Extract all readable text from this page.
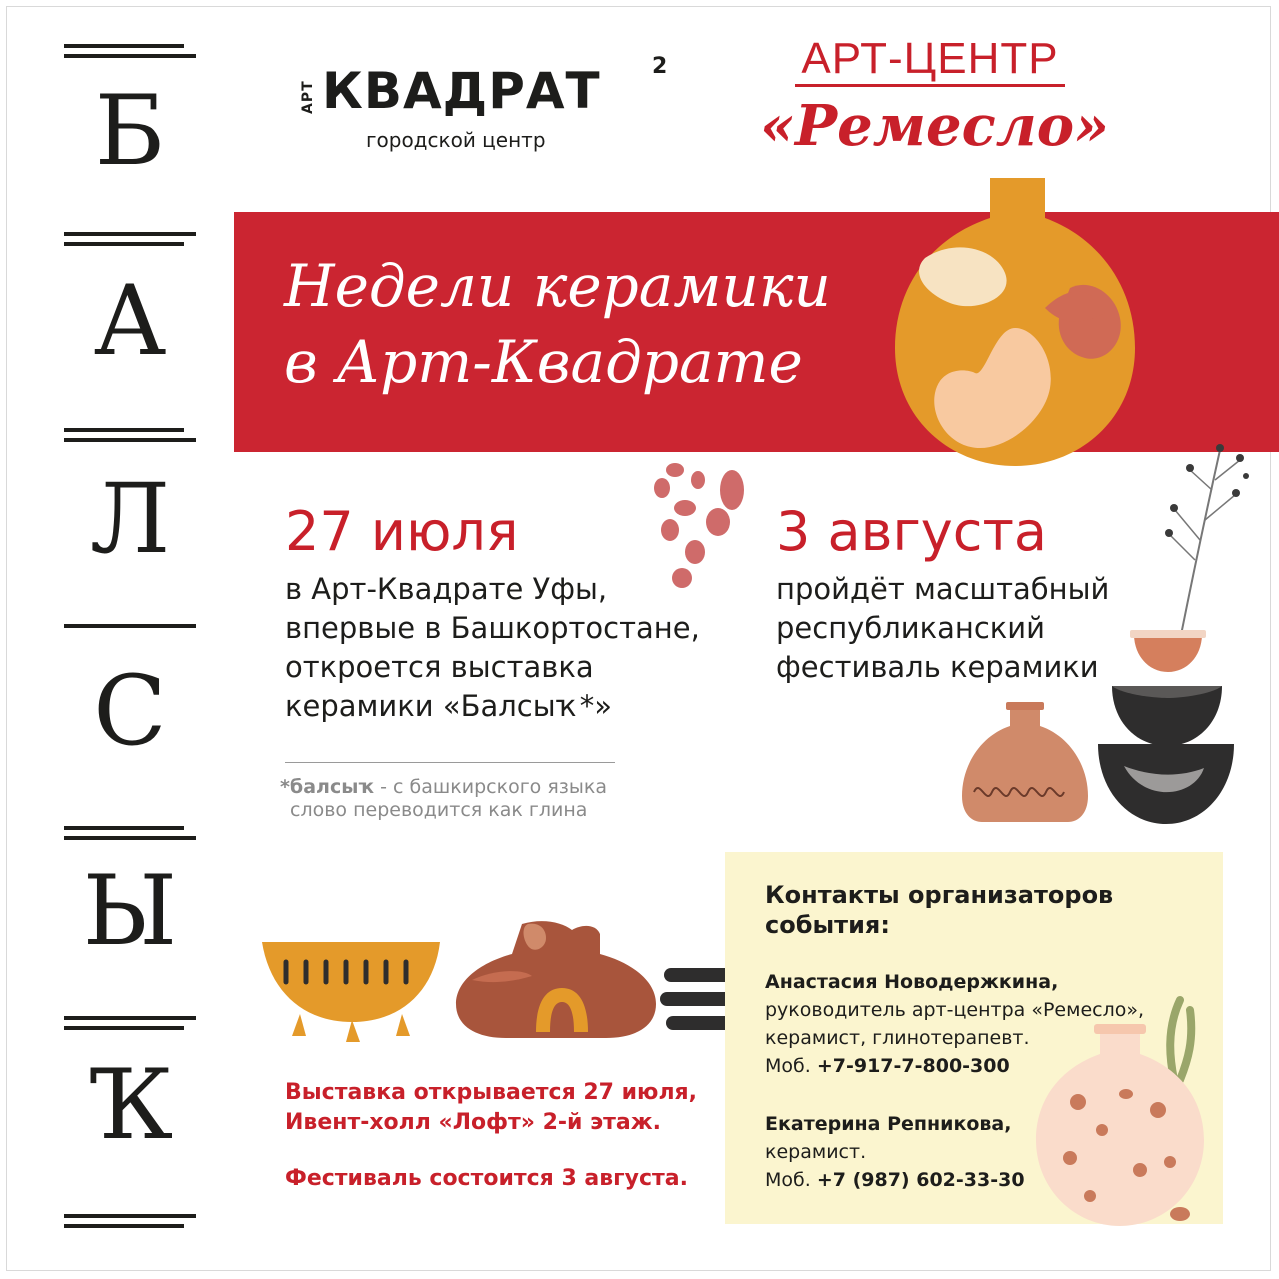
Б
А
Л
С
Ы
Ҡ
АРТ КВАДРАТ 2
городской центр
АРТ-ЦЕНТР
«Ремесло»
Недели керамики
в Арт-Квадрате
27 июля
в Арт-Квадрате Уфы,
впервые в Башкортостане,
откроется выставка
керамики «Балсыҡ*»
3 августа
пройдёт масштабный
республиканский
фестиваль керамики
*балсыҡ - с башкирского языка
слово переводится как глина
Выставка открывается 27 июля,
Ивент-холл «Лофт» 2-й этаж.
Фестиваль состоится 3 августа.
Контакты организаторов
события:
Анастасия Новодержкина,
руководитель арт-центра «Ремесло»,
керамист, глинотерапевт.
Моб. +7-917-7-800-300
Екатерина Репникова,
керамист.
Моб. +7 (987) 602-33-30
